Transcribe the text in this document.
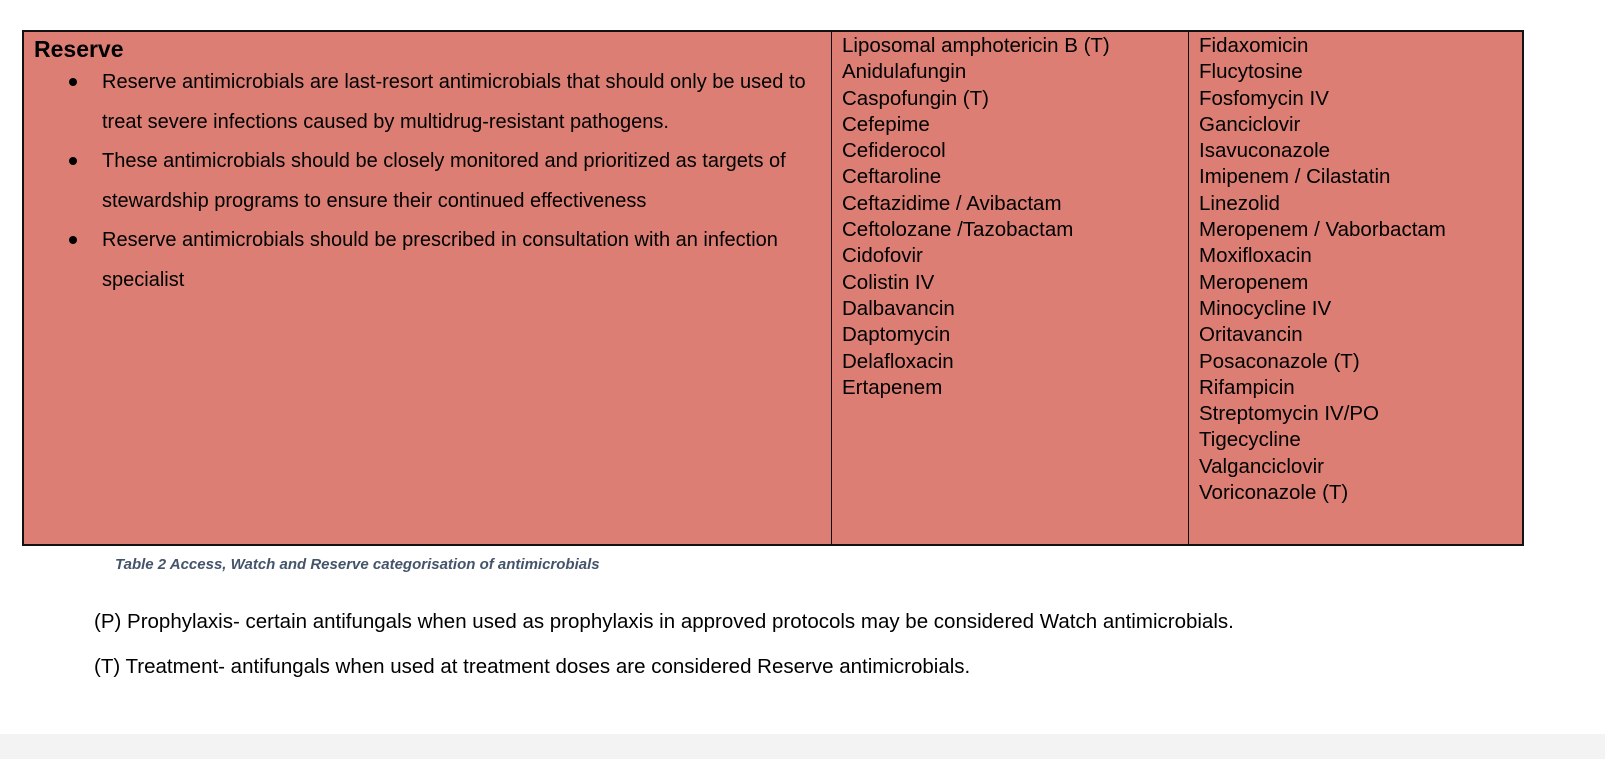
Reserve

Reserve antimicrobials are last-resort antimicrobials that should only be used to treat severe infections caused by multidrug-resistant pathogens.
These antimicrobials should be closely monitored and prioritized as targets of stewardship programs to ensure their continued effectiveness
Reserve antimicrobials should be prescribed in consultation with an infection specialist
Liposomal amphotericin B (T)
Anidulafungin
Caspofungin (T)
Cefepime
Cefiderocol
Ceftaroline
Ceftazidime / Avibactam
Ceftolozane /Tazobactam
Cidofovir
Colistin IV
Dalbavancin
Daptomycin
Delafloxacin
Ertapenem
Fidaxomicin
Flucytosine
Fosfomycin IV
Ganciclovir
Isavuconazole
Imipenem / Cilastatin
Linezolid
Meropenem / Vaborbactam
Moxifloxacin
Meropenem
Minocycline IV
Oritavancin
Posaconazole (T)
Rifampicin
Streptomycin IV/PO
Tigecycline
Valganciclovir
Voriconazole (T)
Table 2 Access, Watch and Reserve categorisation of antimicrobials
(P) Prophylaxis- certain antifungals when used as prophylaxis in approved protocols may be considered Watch antimicrobials.
(T) Treatment- antifungals when used at treatment doses are considered Reserve antimicrobials.
